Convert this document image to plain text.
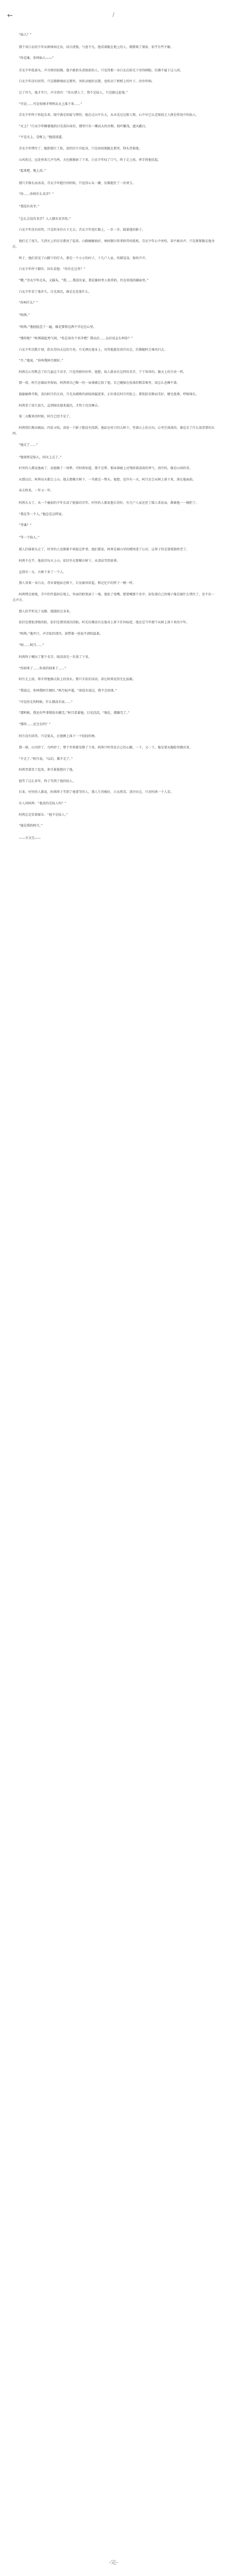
←	/

“仙人？”

那个穿白衣的少年从树林间走出，眉目清俊，气度不凡。他看着跪在地上的人，微微皱了皱眉，似乎有些不解。

“你是谁，你叫仙人——”

青衣少年低着头，声音细若蚊蝇。他不敢抬头看眼前的人，只觉得那一身白衣在阳光下亮得刺眼，仿佛不属于这人间。

白衣少年没有回答，只是静静地站在那里，风吹动他的衣摆，也吹动了树梢上的叶子，沙沙作响。

过了许久，他才开口，声音清冷：“你认错人了。我不是仙人，只是路过此地。”

“可是……可是你刚才明明从天上落下来……”

青衣少年终于抬起头来，眼中满是惊疑与期待。他在这山中长大，从未见过这般人物，心中早已认定眼前之人便是传说中的仙人。

“天上？”白衣少年顺着他的目光看向身后，那里只有一棵高大的古树，枝叶繁茂，遮天蔽日。

“不是天上，是树上。”他淡淡道。

青衣少年愣住了，随即涨红了脸，却仍旧不肯起身，只是固执地跪在那里，仰头望着他。

山风吹过，远处传来几声鸟鸣，天色渐渐暗了下来。白衣少年叹了口气，终于走上前，伸手将他扶起。

“起来吧，地上凉。”

那只手修长而冰凉，青衣少年握住的时候，只觉得心头一颤，仿佛握住了一块寒玉。

“你……你叫什么名字？”

“我没有名字。”

“怎么会没有名字？人人都有名字的。”

白衣少年没有回答，只是转身往山下走去。青衣少年连忙跟上，一步一步，踩着他的影子。

他们走了很久，久到天上的星星都亮了起来。山路蜿蜒曲折，林间偶尔传来野兽的低吼，青衣少年心中害怕，却不敢出声，只是紧紧跟在他身后。

终于，他们看见了山脚下的灯火。那是一个小小的村子，十几户人家，炊烟袅袅，狗吠声声。

白衣少年停下脚步，回头看他：“你住在这里？”

“嗯。”青衣少年点头，又摇头，“我……我没有家。我是被村里人收养的，住在村尾的破庙里。”

白衣少年看了他许久，目光深沉，像是在思量什么。

“你叫什么？”

“阿苒。”

“阿苒。”他轻轻念了一遍，像是要将这两个字记在心里。

“那你呢？”阿苒鼓起勇气问，“你总该有个名字吧？我以后……以后该怎么叫你？”

白衣少年沉默片刻，抬头望向天边的月亮。月光洒在他身上，衬得他愈发清冷出尘，仿佛随时会乘风归去。

“月。”他说，“你叫我阿月便好。”

阿苒在心里默念了好几遍这个名字，只觉得格外好听。他想，仙人就该有这样的名字，干干净净的，像天上的月亮一样。

那一夜，阿月在破庙里留宿。阿苒将自己唯一的一床薄被让给了他，自己蜷缩在角落的稻草堆里，却怎么也睡不着。

他偷偷睁开眼，看向阿月的方向。月光从破败的窗棂间漏进来，正好落在阿月的脸上。那张脸安静而美好，睫毛低垂，呼吸绵长。

阿苒看了很久很久，直到眼皮越来越沉，才终于沉沉睡去。

第二天醒来的时候，阿月已经不见了。

阿苒慌忙跑出破庙，四处寻找，却连一个影子都没有找到。他站在村口的大树下，望着山上的方向，心里空落落的，像是丢了什么很重要的东西。

“他走了……”

“他果然是仙人，回天上去了。”

村里的人都说他疯了，说他做了一场梦。可阿苒知道，那不是梦。那床薄被上还残留着淡淡的香气，清冷的，像是山间的雪。

从那以后，阿苒每天都会上山。他去那棵古树下，一坐就是一整天。他想，也许有一天，阿月还会从树上落下来，落在他面前。

春去秋来，一年又一年。

阿苒长大了，从一个瘦弱的少年长成了挺拔的青年。村里的人都说他长得好，有几户人家还托了媒人来说亲，都被他一一婉拒了。

“我在等一个人。”他总是这样说。

“等谁？”

“等一个仙人。”

媒人们摇着头走了，村里的人也渐渐不再提这件事。他们都说，阿苒是被山里的精怪迷了心窍，这辈子怕是要孤独终老了。

阿苒不在乎。他依旧每天上山，依旧坐在那棵古树下，从清晨等到黄昏。

直到有一天，古树下多了一个人。

那人穿着一身白衣，背对着他站在树下，长发被风吹起，和记忆中的样子一模一样。

阿苒愣在原地，手中的竹篮掉在地上，里面的野果滚了一地。他张了张嘴，想要喊那个名字，却发现自己的嗓子像是被什么堵住了，发不出一点声音。

那人似乎听见了动静，缓缓转过身来。

依旧是那张清俊的脸，依旧是那双深沉的眼。时光仿佛没有在他身上留下任何痕迹，他还是当年那个从树上落下来的少年。

“阿苒。”他开口，声音依旧清冷，却带着一丝说不清的温柔。

“阿……阿月……”

阿苒终于喊出了那个名字，眼泪却先一步落了下来。

“你回来了……你真的回来了……”

阿月走上前，伸手替他擦去脸上的泪水。那只手依旧冰凉，却让阿苒觉得无比温暖。

“我说过，你叫我阿月便好。”阿月轻声道，“却没有说过，我不会回来。”

“可是你走的时候，什么都没有说……”

“那时候，我还有些事情没有做完。”阿月看着他，目光沉沉，“现在，都做完了。”

“那你……还会走吗？”

阿月没有回答，只是低头，在他额上落下一个轻轻的吻。

那一刻，山风停了，鸟鸣停了，整个世界都安静了下来。阿苒只听得见自己的心跳，一下，又一下，像是要从胸腔里跳出来。

“不走了。”阿月说，“以后，都不走了。”

阿苒哭着笑了起来，伸手紧紧抱住了他。

他等了这么多年，终于等到了他的仙人。

后来，村里的人都说，阿苒终于等到了他要等的人。那人生得极好，白衣胜雪，清冷出尘，只对阿苒一个人笑。

有人问阿苒：“他真的是仙人吗？”

阿苒总是笑着摇头：“他不是仙人。”

“他是我的阿月。”

——全文完——

-完-
